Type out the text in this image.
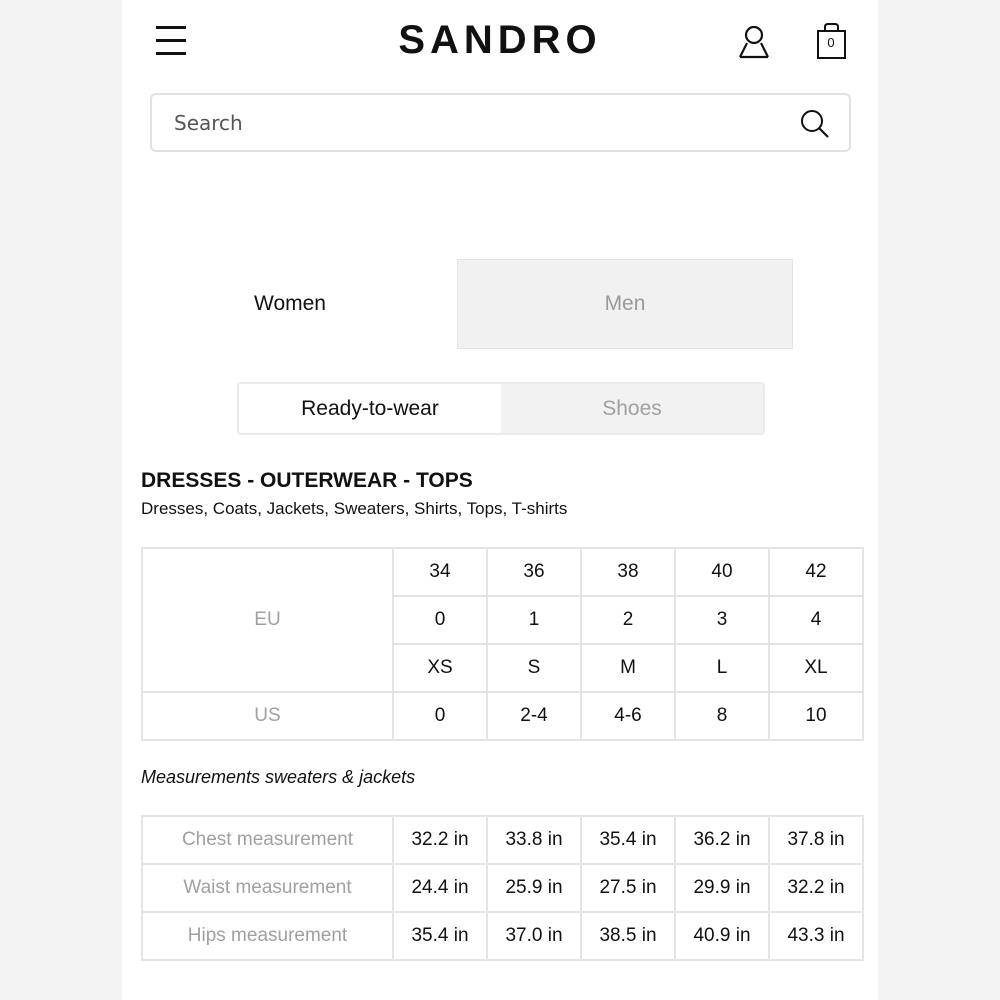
SANDRO	0
Search
Women	Men
Ready-to-wear	Shoes
DRESSES - OUTERWEAR - TOPS
Dresses, Coats, Jackets, Sweaters, Shirts, Tops, T-shirts
EU	34	36	38	40	42
	0	1	2	3	4
	XS	S	M	L	XL
US	0	2-4	4-6	8	10
Measurements sweaters & jackets
Chest measurement	32.2 in	33.8 in	35.4 in	36.2 in	37.8 in
Waist measurement	24.4 in	25.9 in	27.5 in	29.9 in	32.2 in
Hips measurement	35.4 in	37.0 in	38.5 in	40.9 in	43.3 in
